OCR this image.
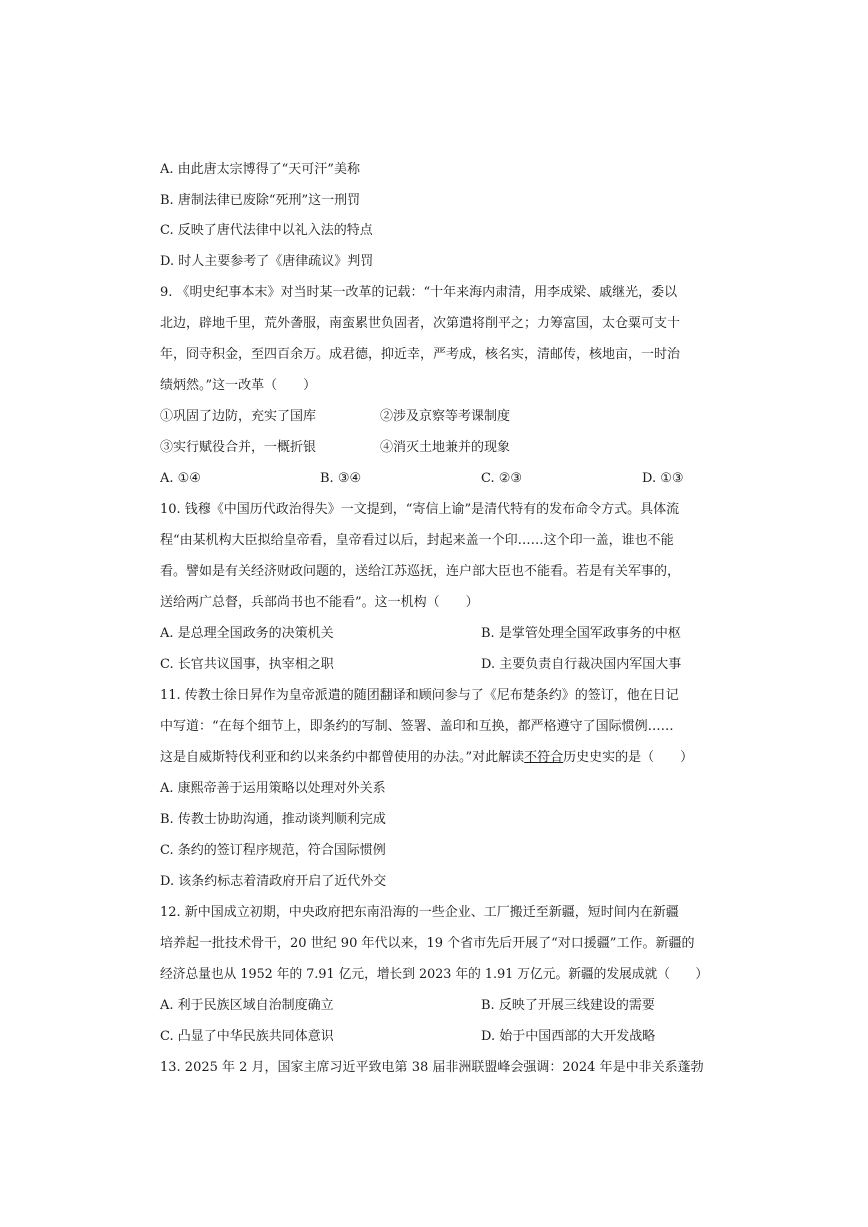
A. 由此唐太宗博得了“天可汗”美称
B. 唐制法律已废除“死刑”这一刑罚
C. 反映了唐代法律中以礼入法的特点
D. 时人主要参考了《唐律疏议》判罚
9. 《明史纪事本末》对当时某一改革的记载：“十年来海内肃清，用李成梁、戚继光，委以
北边，辟地千里，荒外詟服，南蛮累世负固者，次第遣将削平之；力筹富国，太仓粟可支十
年，冏寺积金，至四百余万。成君德，抑近幸，严考成，核名实，清邮传，核地亩，一时治
绩炳然。”这一改革（　　）
①巩固了边防，充实了国库	②涉及京察等考课制度
③实行赋役合并，一概折银	④消灭土地兼并的现象
A. ①④	B. ③④	C. ②③	D. ①③
10. 钱穆《中国历代政治得失》一文提到，“寄信上谕”是清代特有的发布命令方式。具体流
程“由某机构大臣拟给皇帝看，皇帝看过以后，封起来盖一个印……这个印一盖，谁也不能
看。譬如是有关经济财政问题的，送给江苏巡抚，连户部大臣也不能看。若是有关军事的，
送给两广总督，兵部尚书也不能看”。这一机构（　　）
A. 是总理全国政务的决策机关	B. 是掌管处理全国军政事务的中枢
C. 长官共议国事，执宰相之职	D. 主要负责自行裁决国内军国大事
11. 传教士徐日昇作为皇帝派遣的随团翻译和顾问参与了《尼布楚条约》的签订，他在日记
中写道：“在每个细节上，即条约的写制、签署、盖印和互换，都严格遵守了国际惯例……
这是自威斯特伐利亚和约以来条约中都曾使用的办法。”对此解读不符合历史史实的是（　　）
A. 康熙帝善于运用策略以处理对外关系
B. 传教士协助沟通，推动谈判顺利完成
C. 条约的签订程序规范，符合国际惯例
D. 该条约标志着清政府开启了近代外交
12. 新中国成立初期，中央政府把东南沿海的一些企业、工厂搬迁至新疆，短时间内在新疆
培养起一批技术骨干，20 世纪 90 年代以来，19 个省市先后开展了“对口援疆”工作。新疆的
经济总量也从 1952 年的 7.91 亿元，增长到 2023 年的 1.91 万亿元。新疆的发展成就（　　）
A. 利于民族区域自治制度确立	B. 反映了开展三线建设的需要
C. 凸显了中华民族共同体意识	D. 始于中国西部的大开发战略
13. 2025 年 2 月，国家主席习近平致电第 38 届非洲联盟峰会强调：2024 年是中非关系蓬勃
